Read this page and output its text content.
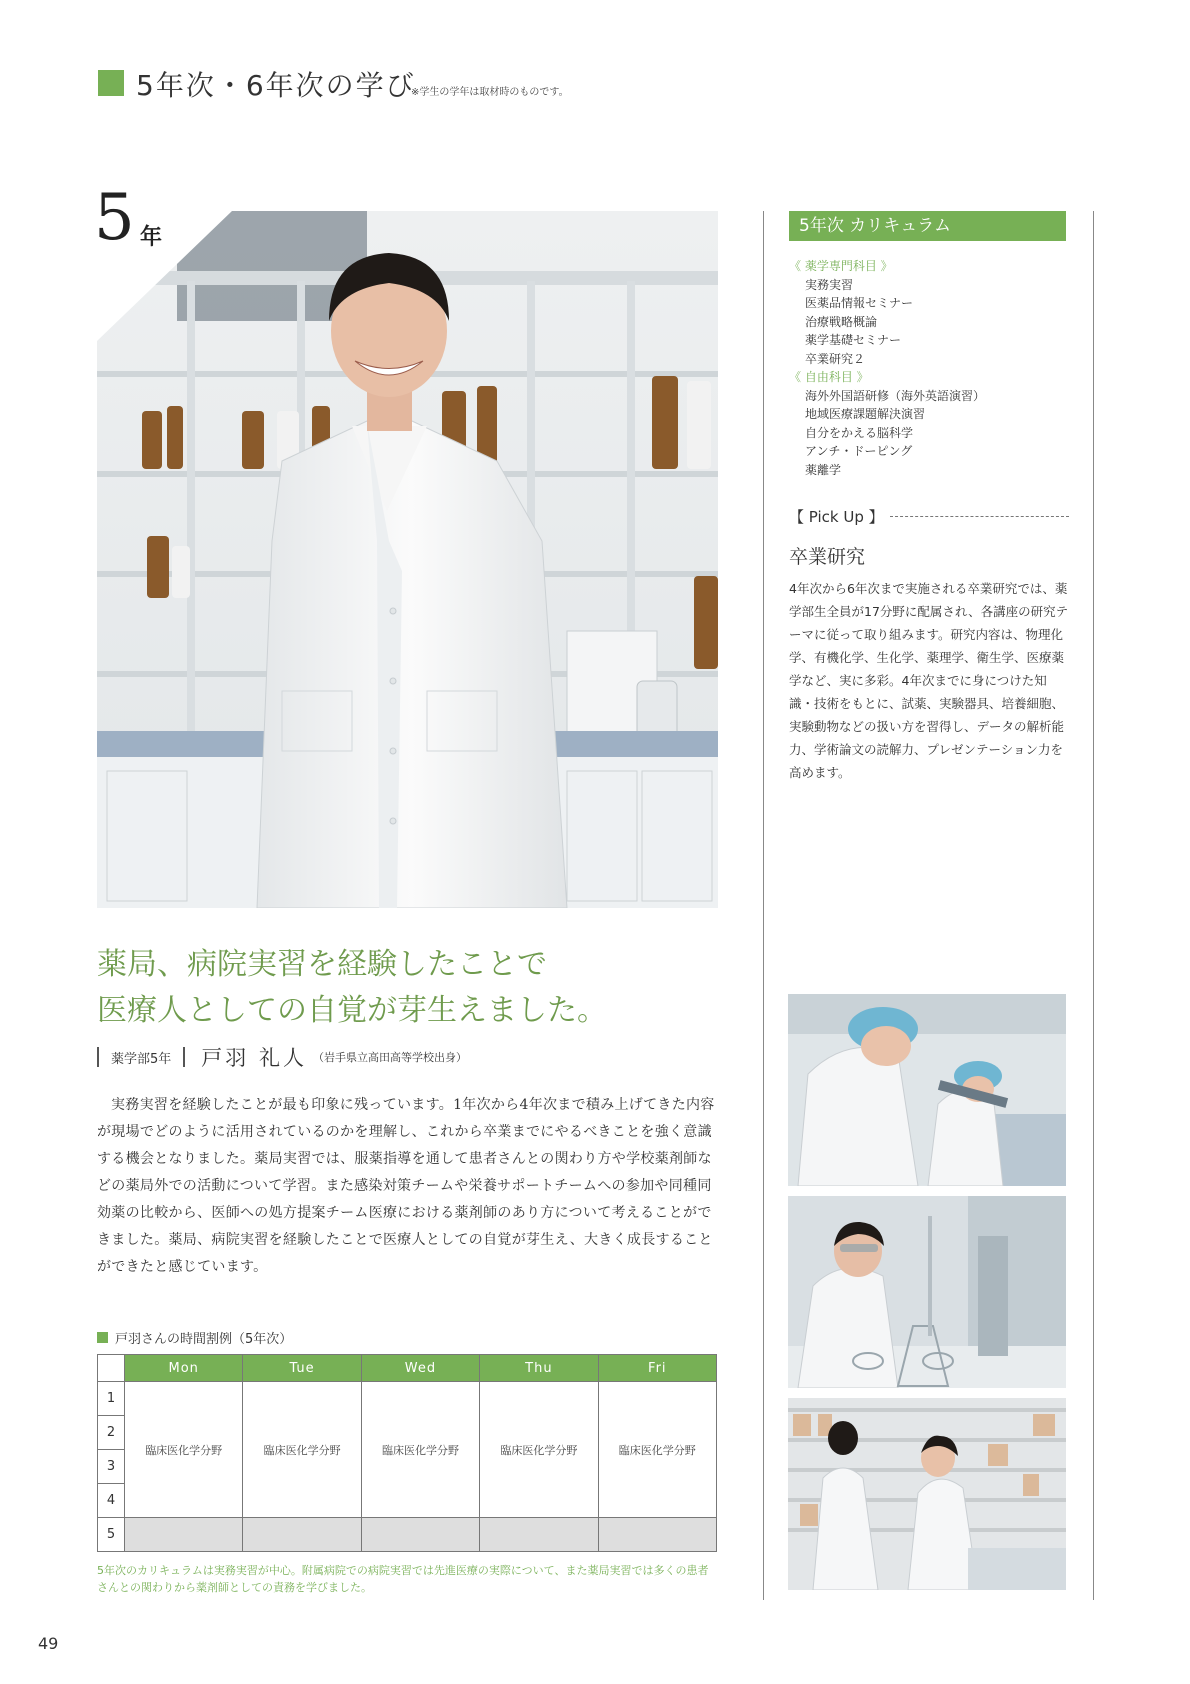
5年次・6年次の学び
※学生の学年は取材時のものです。
5 年
薬局、病院実習を経験したことで
医療人としての自覚が芽生えました。
薬学部5年 戸羽 礼人 （岩手県立高田高等学校出身）
実務実習を経験したことが最も印象に残っています。1年次から4年次まで積み上げてきた内容が現場でどのように活用されているのかを理解し、これから卒業までにやるべきことを強く意識する機会となりました。薬局実習では、服薬指導を通して患者さんとの関わり方や学校薬剤師などの薬局外での活動について学習。また感染対策チームや栄養サポートチームへの参加や同種同効薬の比較から、医師への処方提案チーム医療における薬剤師のあり方について考えることができました。薬局、病院実習を経験したことで医療人としての自覚が芽生え、大きく成長することができたと感じています。
戸羽さんの時間割例（5年次）
	Mon	Tue	Wed	Thu	Fri
1	臨床医化学分野	臨床医化学分野	臨床医化学分野	臨床医化学分野	臨床医化学分野
2					
3					
4					
5					
5年次のカリキュラムは実務実習が中心。附属病院での病院実習では先進医療の実際について、また薬局実習では多くの患者さんとの関わりから薬剤師としての責務を学びました。
49
5年次 カリキュラム
《 薬学専門科目 》
実務実習
医薬品情報セミナー
治療戦略概論
薬学基礎セミナー
卒業研究２
《 自由科目 》
海外外国語研修（海外英語演習）
地域医療課題解決演習
自分をかえる脳科学
アンチ・ドーピング
薬離学
【 Pick Up 】
卒業研究
4年次から6年次まで実施される卒業研究では、薬学部生全員が17分野に配属され、各講座の研究テーマに従って取り組みます。研究内容は、物理化学、有機化学、生化学、薬理学、衛生学、医療薬学など、実に多彩。4年次までに身につけた知識・技術をもとに、試薬、実験器具、培養細胞、実験動物などの扱い方を習得し、データの解析能力、学術論文の読解力、プレゼンテーション力を高めます。
